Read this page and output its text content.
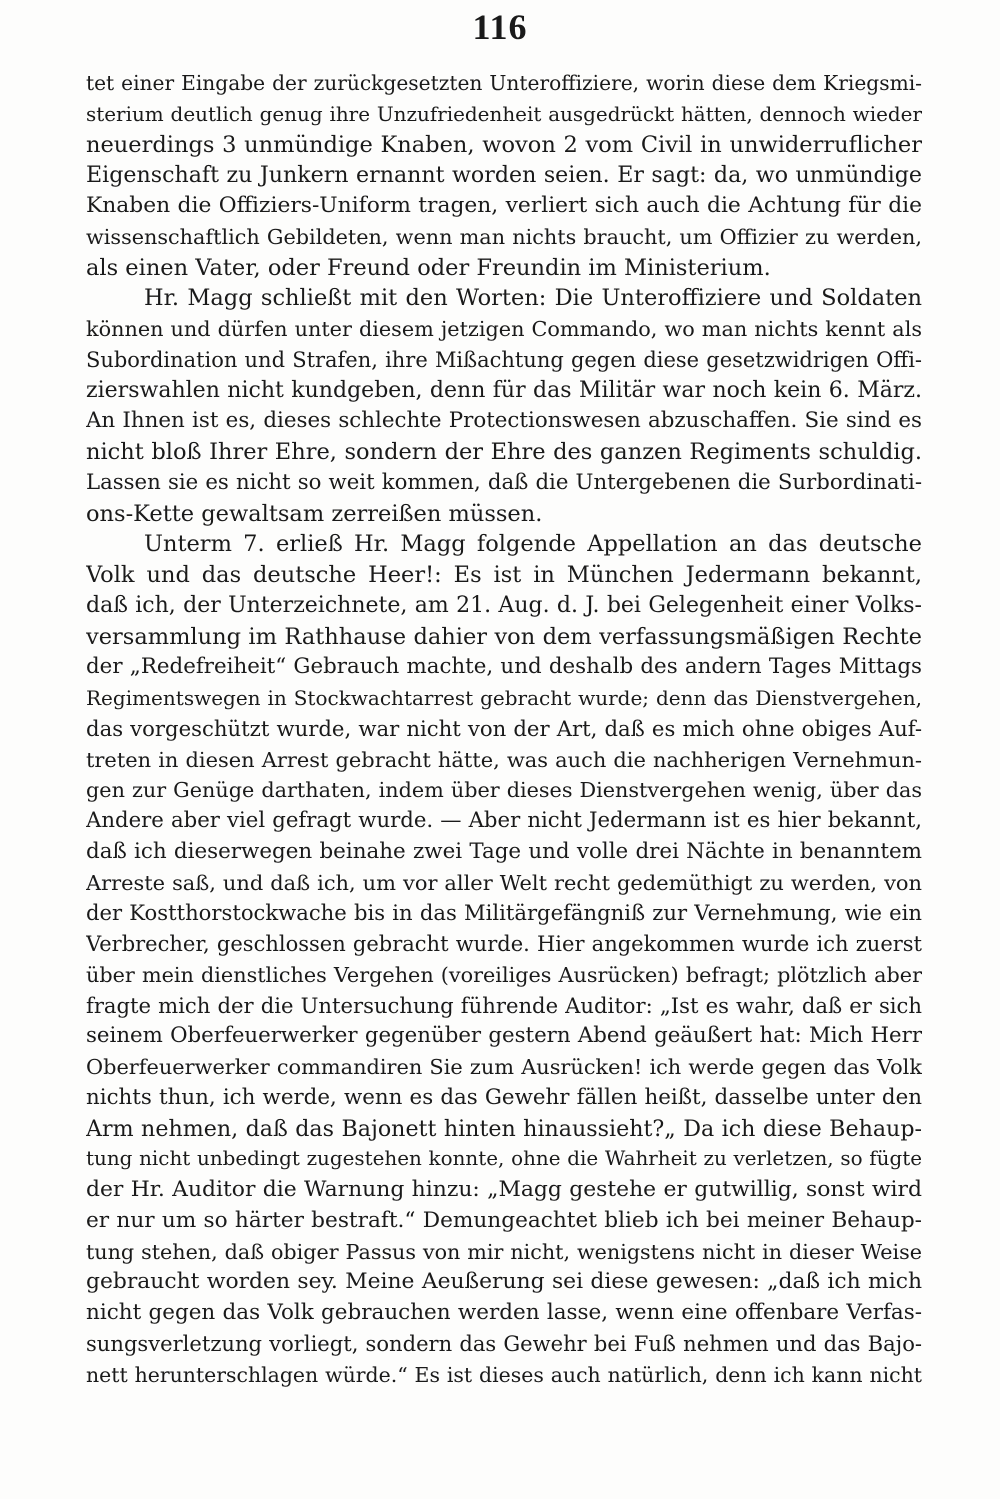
116
tet einer Eingabe der zurückgesetzten Unteroffiziere, worin diese dem Kriegsmi-
sterium deutlich genug ihre Unzufriedenheit ausgedrückt hätten, dennoch wieder
neuerdings 3 unmündige Knaben, wovon 2 vom Civil in unwiderruflicher
Eigenschaft zu Junkern ernannt worden seien. Er sagt: da, wo unmündige
Knaben die Offiziers-Uniform tragen, verliert sich auch die Achtung für die
wissenschaftlich Gebildeten, wenn man nichts braucht, um Offizier zu werden,
als einen Vater, oder Freund oder Freundin im Ministerium.
Hr. Magg schließt mit den Worten: Die Unteroffiziere und Soldaten
können und dürfen unter diesem jetzigen Commando, wo man nichts kennt als
Subordination und Strafen, ihre Mißachtung gegen diese gesetzwidrigen Offi-
zierswahlen nicht kundgeben, denn für das Militär war noch kein 6. März.
An Ihnen ist es, dieses schlechte Protectionswesen abzuschaffen. Sie sind es
nicht bloß Ihrer Ehre, sondern der Ehre des ganzen Regiments schuldig.
Lassen sie es nicht so weit kommen, daß die Untergebenen die Surbordinati-
ons-Kette gewaltsam zerreißen müssen.
Unterm 7. erließ Hr. Magg folgende Appellation an das deutsche
Volk und das deutsche Heer!: Es ist in München Jedermann bekannt,
daß ich, der Unterzeichnete, am 21. Aug. d. J. bei Gelegenheit einer Volks-
versammlung im Rathhause dahier von dem verfassungsmäßigen Rechte
der „Redefreiheit“ Gebrauch machte, und deshalb des andern Tages Mittags
Regimentswegen in Stockwachtarrest gebracht wurde; denn das Dienstvergehen,
das vorgeschützt wurde, war nicht von der Art, daß es mich ohne obiges Auf-
treten in diesen Arrest gebracht hätte, was auch die nachherigen Vernehmun-
gen zur Genüge darthaten, indem über dieses Dienstvergehen wenig, über das
Andere aber viel gefragt wurde. — Aber nicht Jedermann ist es hier bekannt,
daß ich dieserwegen beinahe zwei Tage und volle drei Nächte in benanntem
Arreste saß, und daß ich, um vor aller Welt recht gedemüthigt zu werden, von
der Kostthorstockwache bis in das Militärgefängniß zur Vernehmung, wie ein
Verbrecher, geschlossen gebracht wurde. Hier angekommen wurde ich zuerst
über mein dienstliches Vergehen (voreiliges Ausrücken) befragt; plötzlich aber
fragte mich der die Untersuchung führende Auditor: „Ist es wahr, daß er sich
seinem Oberfeuerwerker gegenüber gestern Abend geäußert hat: Mich Herr
Oberfeuerwerker commandiren Sie zum Ausrücken! ich werde gegen das Volk
nichts thun, ich werde, wenn es das Gewehr fällen heißt, dasselbe unter den
Arm nehmen, daß das Bajonett hinten hinaussieht?„ Da ich diese Behaup-
tung nicht unbedingt zugestehen konnte, ohne die Wahrheit zu verletzen, so fügte
der Hr. Auditor die Warnung hinzu: „Magg gestehe er gutwillig, sonst wird
er nur um so härter bestraft.“ Demungeachtet blieb ich bei meiner Behaup-
tung stehen, daß obiger Passus von mir nicht, wenigstens nicht in dieser Weise
gebraucht worden sey. Meine Aeußerung sei diese gewesen: „daß ich mich
nicht gegen das Volk gebrauchen werden lasse, wenn eine offenbare Verfas-
sungsverletzung vorliegt, sondern das Gewehr bei Fuß nehmen und das Bajo-
nett herunterschlagen würde.“ Es ist dieses auch natürlich, denn ich kann nicht
